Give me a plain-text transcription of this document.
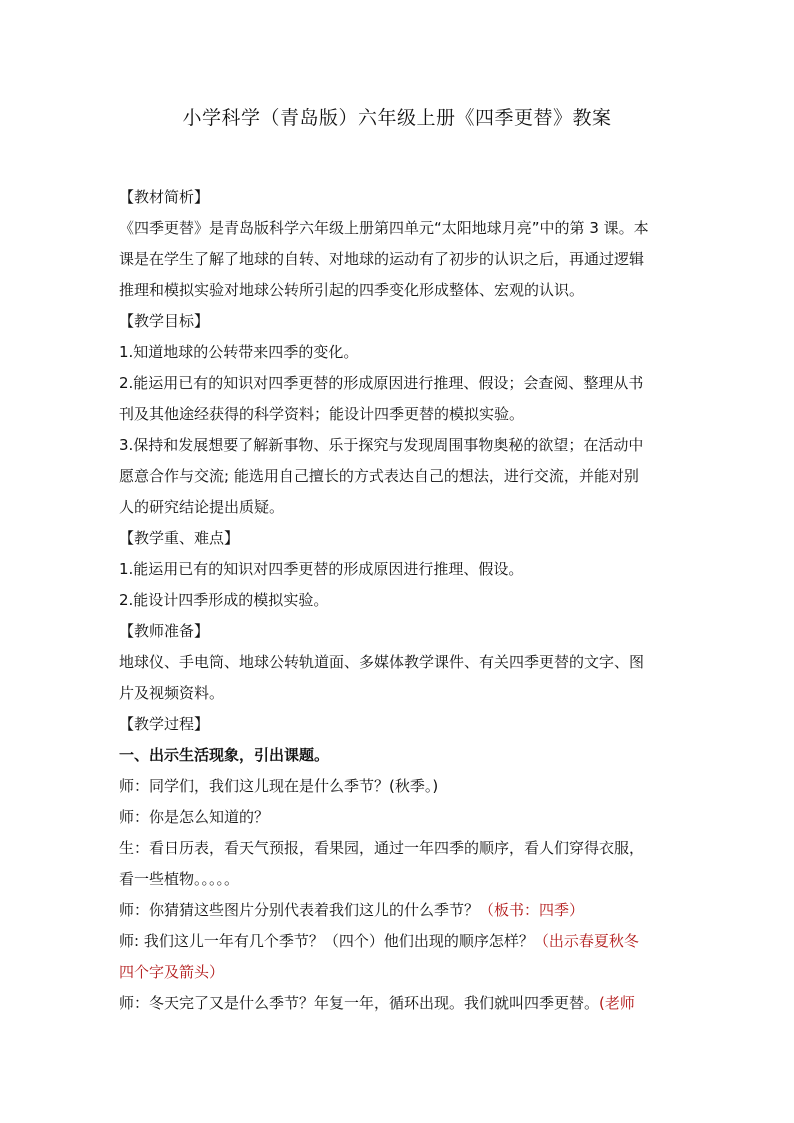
小学科学（青岛版）六年级上册《四季更替》教案

【教材简析】

《四季更替》是青岛版科学六年级上册第四单元“太阳地球月亮”中的第 3 课。本

课是在学生了解了地球的自转、对地球的运动有了初步的认识之后，再通过逻辑

推理和模拟实验对地球公转所引起的四季变化形成整体、宏观的认识。

【教学目标】

1.知道地球的公转带来四季的变化。

2.能运用已有的知识对四季更替的形成原因进行推理、假设；会查阅、整理从书

刊及其他途经获得的科学资料；能设计四季更替的模拟实验。

3.保持和发展想要了解新事物、乐于探究与发现周围事物奥秘的欲望；在活动中

愿意合作与交流; 能选用自己擅长的方式表达自己的想法，进行交流，并能对别

人的研究结论提出质疑。

【教学重、难点】

1.能运用已有的知识对四季更替的形成原因进行推理、假设。

2.能设计四季形成的模拟实验。

【教师准备】

地球仪、手电筒、地球公转轨道面、多媒体教学课件、有关四季更替的文字、图

片及视频资料。

【教学过程】

一、出示生活现象，引出课题。

师：同学们，我们这儿现在是什么季节？(秋季。)

师：你是怎么知道的？

生：看日历表，看天气预报，看果园，通过一年四季的顺序，看人们穿得衣服，

看一些植物。。。。。

师：你猜猜这些图片分别代表着我们这儿的什么季节？（板书：四季）

师: 我们这儿一年有几个季节？（四个）他们出现的顺序怎样？（出示春夏秋冬

四个字及箭头）

师：冬天完了又是什么季节？年复一年，循环出现。我们就叫四季更替。(老师
